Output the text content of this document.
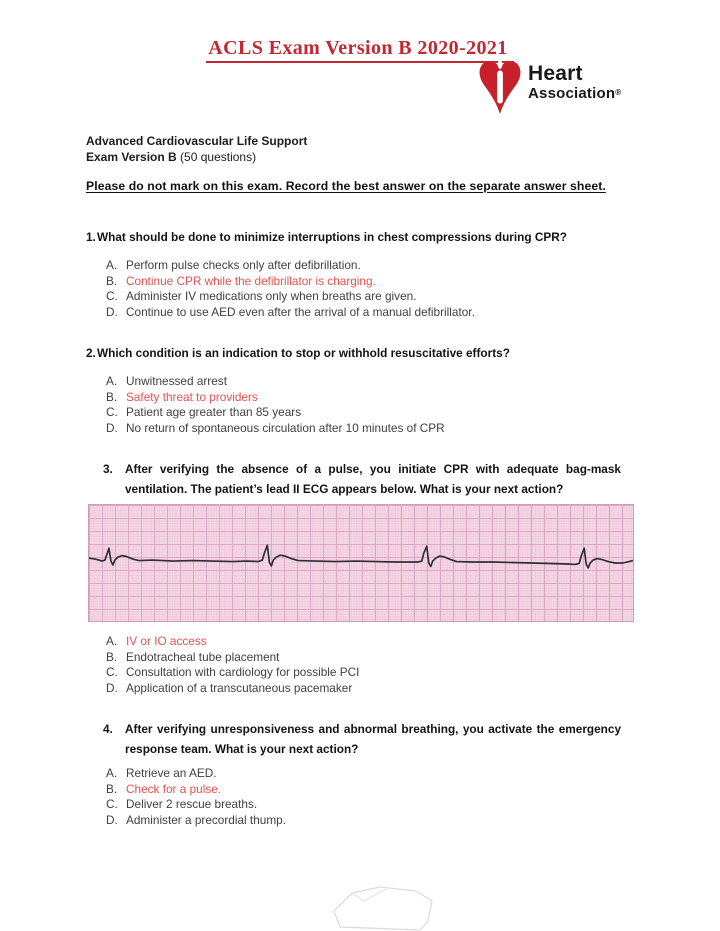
ACLS Exam Version B 2020-2021
Heart
Association®
Advanced Cardiovascular Life Support
Exam Version B (50 questions)
Please do not mark on this exam. Record the best answer on the separate answer sheet.
1. What should be done to minimize interruptions in chest compressions during CPR?
A. Perform pulse checks only after defibrillation.
B. Continue CPR while the defibrillator is charging.
C. Administer IV medications only when breaths are given.
D. Continue to use AED even after the arrival of a manual defibrillator.
2. Which condition is an indication to stop or withhold resuscitative efforts?
A. Unwitnessed arrest
B. Safety threat to providers
C. Patient age greater than 85 years
D. No return of spontaneous circulation after 10 minutes of CPR
3.	After verifying the absence of a pulse, you initiate CPR with adequate bag-mask ventilation. The patient’s lead II ECG appears below. What is your next action?
A. IV or IO access
B. Endotracheal tube placement
C. Consultation with cardiology for possible PCI
D. Application of a transcutaneous pacemaker
4.	After verifying unresponsiveness and abnormal breathing, you activate the emergency response team. What is your next action?
A. Retrieve an AED.
B. Check for a pulse.
C. Deliver 2 rescue breaths.
D. Administer a precordial thump.
